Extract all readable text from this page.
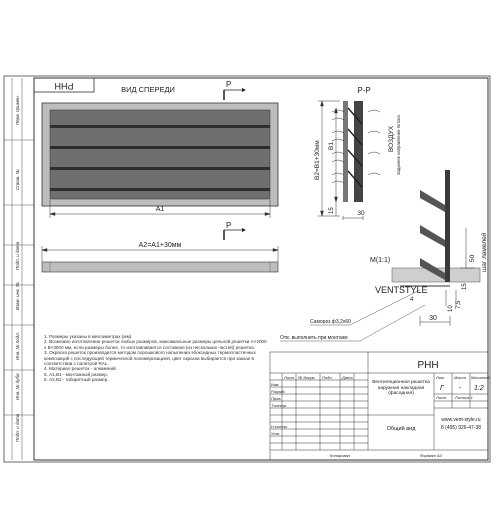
Перв. примен.
Справ. №
Подп. и дата
Инв. № дубл.
Взам. инв. №
Подп. и дата
Инв. № подл.
РНН	ВИД СПЕРЕДИ
Р
Р
А1
А2=А1+30мм
Р-Р
В2=В1+30мм В1
15	30
ВОЗДУХ Заданное направление потока
М(1:1)	50 шаг ламелей
15
7,5
10
4
30
Саморез ф3,2х60
Отв. выполнить при монтаже
VENTSTYLE
РНН
Изм.
Разраб.
Пров.
Т.контр.
Н.контр.
Утв.
Лист № докум. Подп. Дата	Лит Масса Масштаб
Лист Листов 1
Копировал	Формат А3
Г - 1:2
Общий вид
www.vent-style.ru
8 (495) 926-47-38
1. Размеры указаны в миллиметрах (мм).
2. Возможно изготовление решеток любых размеров, максимальные размеры цельной решетки А×2000 х В×3000 мм, если размеры более, то изготавливается составная (из нескольких частей) решетка.
3. Окраска решеток производится методом порошкового напыления эбоксидных термопластичных композиций с последующей термической полимеризацией, цвет окраски выбирается при заказе в соответствии с палитрой RAL.
4. Материал решеток - алюминий.
5. А1,В1 - монтажный размер.
6. А2,В2 - габаритный размер.
Вентиляционная решетка наружная накладная (фасадная)
